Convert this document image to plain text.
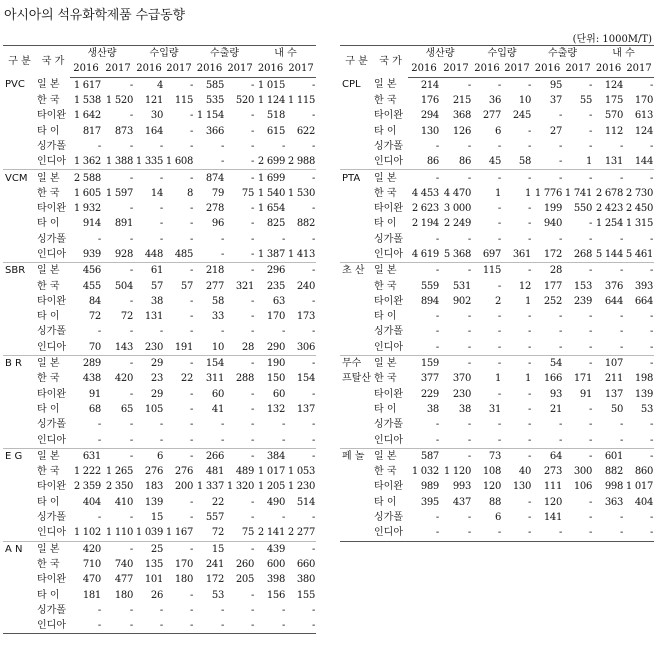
아시아의 석유화학제품 수급동향
(단위: 1000M/T)
구 분	국 가	생산량		수입량		수출량		내 수	
		2016	2017	2016	2017	2016	2017	2016	2017
PVC	일 본	1 617	-	4	-	585	-	1 015	-
	한 국	1 538	1 520	121	115	535	520	1 124	1 115
	타이완	1 642	-	30	-	1 154	-	518	-
	타 이	817	873	164	-	366	-	615	622
	싱가폴	-	-	-	-	-	-	-	-
	인디아	1 362	1 388	1 335	1 608	-	-	2 699	2 988
VCM	일 본	2 588	-	-	-	874	-	1 699	-
	한 국	1 605	1 597	14	8	79	75	1 540	1 530
	타이완	1 932	-	-	-	278	-	1 654	-
	타 이	914	891	-	-	96	-	825	882
	싱가폴	-	-	-	-	-	-	-	-
	인디아	939	928	448	485	-	-	1 387	1 413
SBR	일 본	456	-	61	-	218	-	296	-
	한 국	455	504	57	57	277	321	235	240
	타이완	84	-	38	-	58	-	63	-
	타 이	72	72	131	-	33	-	170	173
	싱가폴	-	-	-	-	-	-	-	-
	인디아	70	143	230	191	10	28	290	306
B R	일 본	289	-	29	-	154	-	190	-
	한 국	438	420	23	22	311	288	150	154
	타이완	91	-	29	-	60	-	60	-
	타 이	68	65	105	-	41	-	132	137
	싱가폴	-	-	-	-	-	-	-	-
	인디아	-	-	-	-	-	-	-	-
E G	일 본	631	-	6	-	266	-	384	-
	한 국	1 222	1 265	276	276	481	489	1 017	1 053
	타이완	2 359	2 350	183	200	1 337	1 320	1 205	1 230
	타 이	404	410	139	-	22	-	490	514
	싱가폴	-	-	15	-	557	-	-	-
	인디아	1 102	1 110	1 039	1 167	72	75	2 141	2 277
A N	일 본	420	-	25	-	15	-	439	-
	한 국	710	740	135	170	241	260	600	660
	타이완	470	477	101	180	172	205	398	380
	타 이	181	180	26	-	53	-	156	155
	싱가폴	-	-	-	-	-	-	-	-
	인디아	-	-	-	-	-	-	-	-
구 분	국 가	생산량		수입량		수출량		내 수	
		2016	2017	2016	2017	2016	2017	2016	2017
CPL	일 본	214	-	-	-	95	-	124	-
	한 국	176	215	36	10	37	55	175	170
	타이완	294	368	277	245	-	-	570	613
	타 이	130	126	6	-	27	-	112	124
	싱가폴	-	-	-	-	-	-	-	-
	인디아	86	86	45	58	-	1	131	144
PTA	일 본	-	-	-	-	-	-	-	-
	한 국	4 453	4 470	1	1	1 776	1 741	2 678	2 730
	타이완	2 623	3 000	-	-	199	550	2 423	2 450
	타 이	2 194	2 249	-	-	940	-	1 254	1 315
	싱가폴	-	-	-	-	-	-	-	-
	인디아	4 619	5 368	697	361	172	268	5 144	5 461
초 산	일 본	-	-	115	-	28	-	-	-
	한 국	559	531	-	12	177	153	376	393
	타이완	894	902	2	1	252	239	644	664
	타 이	-	-	-	-	-	-	-	-
	싱가폴	-	-	-	-	-	-	-	-
	인디아	-	-	-	-	-	-	-	-
무수	일 본	159	-	-	-	54	-	107	-
프탈산	한 국	377	370	1	1	166	171	211	198
	타이완	229	230	-	-	93	91	137	139
	타 이	38	38	31	-	21	-	50	53
	싱가폴	-	-	-	-	-	-	-	-
	인디아	-	-	-	-	-	-	-	-
페 놀	일 본	587	-	73	-	64	-	601	-
	한 국	1 032	1 120	108	40	273	300	882	860
	타이완	989	993	120	130	111	106	998	1 017
	타 이	395	437	88	-	120	-	363	404
	싱가폴	-	-	6	-	141	-	-	-
	인디아	-	-	-	-	-	-	-	-
